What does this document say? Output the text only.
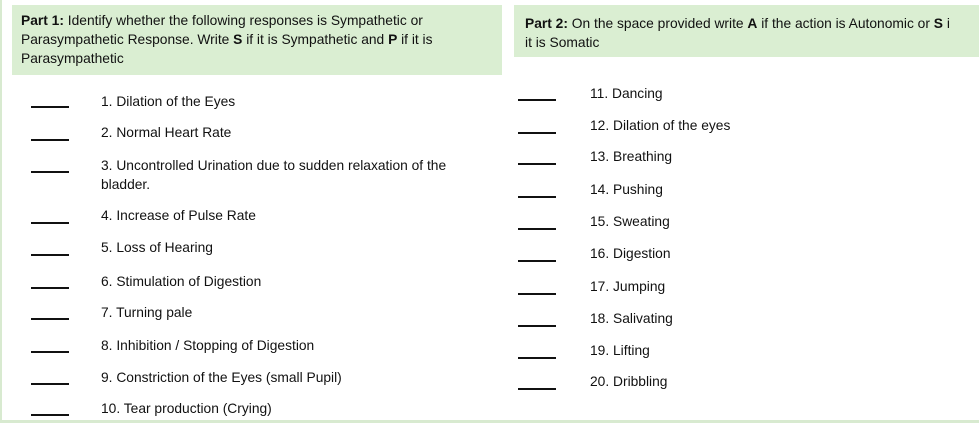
Part 1: Identify whether the following responses is Sympathetic or Parasympathetic Response. Write S if it is Sympathetic and P if it is Parasympathetic
Part 2: On the space provided write A if the action is Autonomic or S i
it is Somatic
1. Dilation of the Eyes
2. Normal Heart Rate
3. Uncontrolled Urination due to sudden relaxation of the bladder.
4. Increase of Pulse Rate
5. Loss of Hearing
6. Stimulation of Digestion
7. Turning pale
8. Inhibition / Stopping of Digestion
9. Constriction of the Eyes (small Pupil)
10. Tear production (Crying)
11. Dancing
12. Dilation of the eyes
13. Breathing
14. Pushing
15. Sweating
16. Digestion
17. Jumping
18. Salivating
19. Lifting
20. Dribbling
